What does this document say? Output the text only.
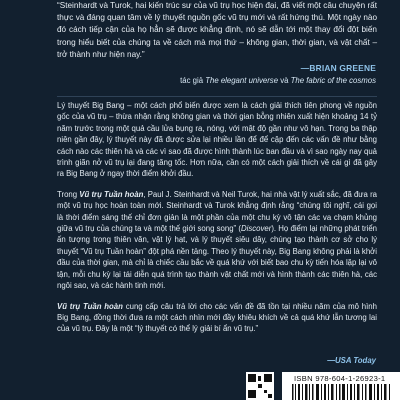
“Steinhardt và Turok, hai kiến trúc sư của vũ trụ học hiện đại, đã viết một câu chuyện rất thực và đáng quan tâm về lý thuyết nguồn gốc vũ trụ mới và rất hứng thú. Một ngày nào đó cách tiếp cận của họ hẳn sẽ được khẳng định, nó sẽ dẫn tới một thay đổi đột biến trong hiểu biết của chúng ta về cách mà mọi thứ – không gian, thời gian, và vật chất – trở thành như hiện nay.”

—BRIAN GREENE
tác giả The elegant universe và The fabric of the cosmos

Lý thuyết Big Bang – một cách phổ biến được xem là cách giải thích tiên phong về nguồn gốc của vũ trụ – thừa nhận rằng không gian và thời gian bỗng nhiên xuất hiện khoảng 14 tỷ năm trước trong một quả cầu lửa bụng ra, nóng, với mật độ gần như vô hạn. Trong ba thập niên gần đây, lý thuyết này đã được sửa lại nhiều lần để để cập đến các vấn đề như bằng cách nào các thiên hà và các vì sao đã được hình thành lúc ban đầu và vì sao ngày nay quả trình giãn nở vũ trụ lại đang tăng tốc. Hơn nữa, cần có một cách giải thích về cái gì đã gây ra Big Bang ở ngay thời điểm khởi đầu.

Trong Vũ trụ Tuần hoàn, Paul J. Steinhardt và Neil Turok, hai nhà vật lý xuất sắc, đã đưa ra một vũ trụ học hoàn toàn mới. Steinhardt và Turok khẳng định rằng “chúng tôi nghĩ, cái gọi là thời điểm sáng thế chỉ đơn giản là một phần của một chu kỳ vô tận các va chạm khủng giữa vũ trụ của chúng ta và một thế giới song song” (Discover). Họ điểm lại những phát triển ấn tượng trong thiên văn, vật lý hạt, và lý thuyết siêu dây, chúng tạo thành cơ sở cho lý thuyết “Vũ trụ Tuần hoàn” đột phá nền tảng. Theo lý thuyết này, Big Bang không phải là khởi đầu của thời gian, mà chỉ là chiếc cầu bắc về quá khứ với biết bao chu kỳ tiến hóa lặp lại vô tận, mỗi chu kỳ lại tái diễn quá trình tạo thành vật chất mới và hình thành các thiên hà, các ngôi sao, và các hành tinh mới.

Vũ trụ Tuần hoàn cung cấp câu trả lời cho các vấn đề đã tồn tại nhiều năm của mô hình Big Bang, đồng thời đưa ra một cách nhìn mới đầy khiêu khích về cả quá khứ lẫn tương lai của vũ trụ. Đây là một “lý thuyết có thể lý giải bí ẩn vũ trụ.”

—USA Today
ISBN 978-604-1-26923-1
